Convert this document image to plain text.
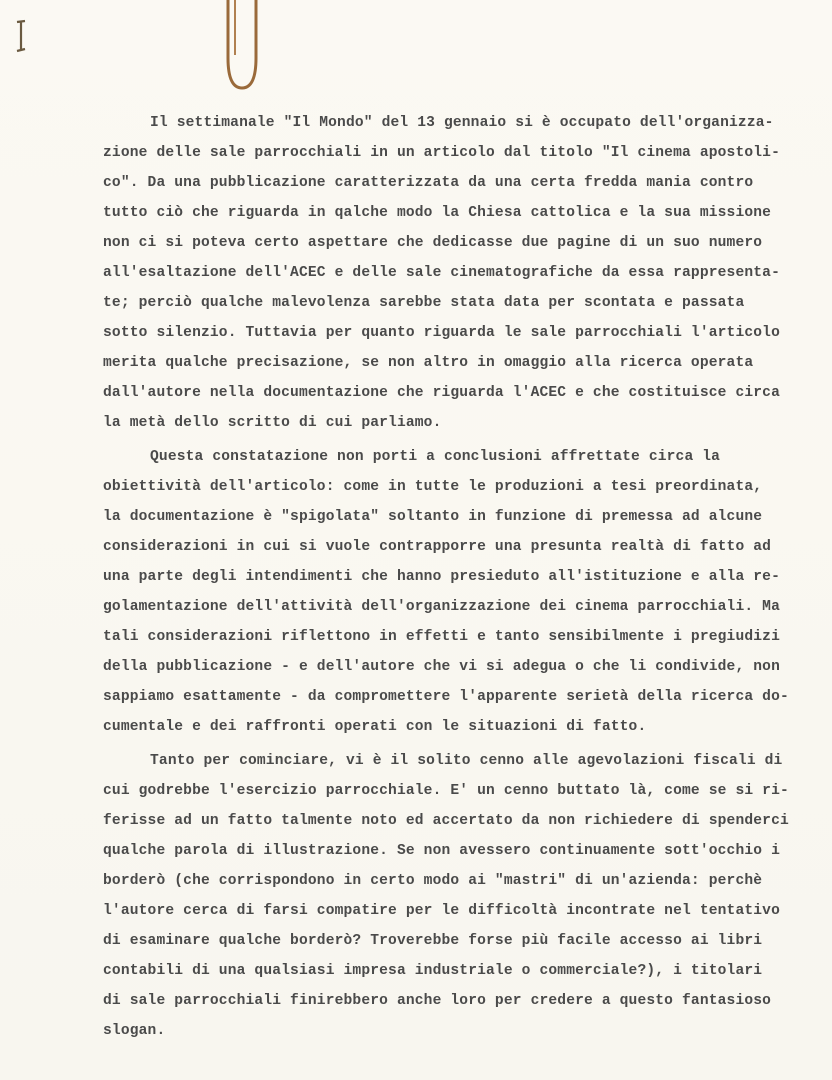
Il settimanale "Il Mondo" del 13 gennaio si è occupato dell'organizza-
zione delle sale parrocchiali in un articolo dal titolo "Il cinema apostoli-
co". Da una pubblicazione caratterizzata da una certa fredda mania contro
tutto ciò che riguarda in qalche modo la Chiesa cattolica e la sua missione
non ci si poteva certo aspettare che dedicasse due pagine di un suo numero
all'esaltazione dell'ACEC e delle sale cinematografiche da essa rappresenta-
te; perciò qualche malevolenza sarebbe stata data per scontata e passata
sotto silenzio. Tuttavia per quanto riguarda le sale parrocchiali l'articolo
merita qualche precisazione, se non altro in omaggio alla ricerca operata
dall'autore nella documentazione che riguarda l'ACEC e che costituisce circa
la metà dello scritto di cui parliamo.
Questa constatazione non porti a conclusioni affrettate circa la
obiettività dell'articolo: come in tutte le produzioni a tesi preordinata,
la documentazione è "spigolata" soltanto in funzione di premessa ad alcune
considerazioni in cui si vuole contrapporre una presunta realtà di fatto ad
una parte degli intendimenti che hanno presieduto all'istituzione e alla re-
golamentazione dell'attività dell'organizzazione dei cinema parrocchiali. Ma
tali considerazioni riflettono in effetti e tanto sensibilmente i pregiudizi
della pubblicazione - e dell'autore che vi si adegua o che li condivide, non
sappiamo esattamente - da compromettere l'apparente serietà della ricerca do-
cumentale e dei raffronti operati con le situazioni di fatto.
Tanto per cominciare, vi è il solito cenno alle agevolazioni fiscali di
cui godrebbe l'esercizio parrocchiale. E' un cenno buttato là, come se si ri-
ferisse ad un fatto talmente noto ed accertato da non richiedere di spenderci
qualche parola di illustrazione. Se non avessero continuamente sott'occhio i
borderò (che corrispondono in certo modo ai "mastri" di un'azienda: perchè
l'autore cerca di farsi compatire per le difficoltà incontrate nel tentativo
di esaminare qualche borderò? Troverebbe forse più facile accesso ai libri
contabili di una qualsiasi impresa industriale o commerciale?), i titolari
di sale parrocchiali finirebbero anche loro per credere a questo fantasioso
slogan.
